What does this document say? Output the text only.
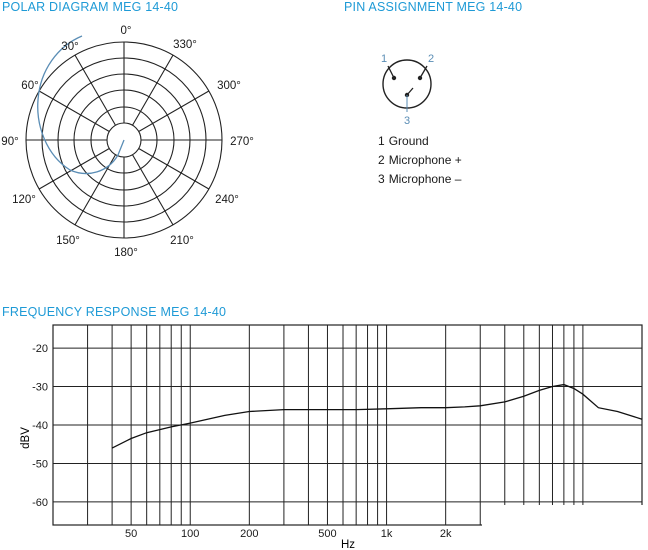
POLAR DIAGRAM MEG 14-40	PIN ASSIGNMENT MEG 14-40
FREQUENCY RESPONSE MEG 14-40
0°
30°	330°
60°	300°
90°	270°
120°	240°
150°	210°
180°
1	2
3
-20
-30
-40
-50
-60
50	100	200	500	1k	2k
Hz
dBV
1 Ground
2 Microphone +
3 Microphone –
